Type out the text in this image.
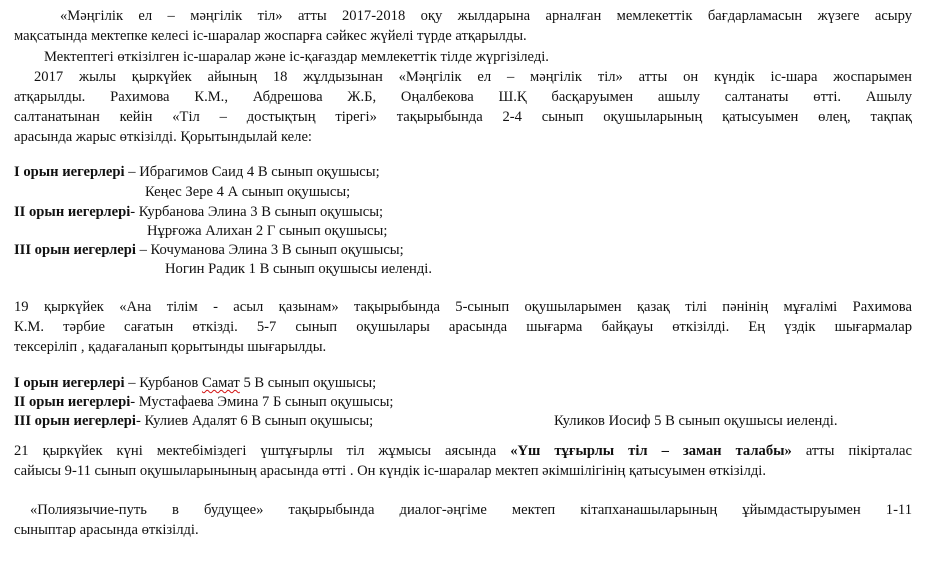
«Мәңгілік ел – мәңгілік тіл» атты 2017-2018 оқу жылдарына арналған мемлекеттік бағдарламасын жүзеге асыру

мақсатында мектепке келесі іс-шаралар жоспарға сәйкес жүйелі түрде атқарылды.

Мектептегі өткізілген іс-шаралар және іс-қағаздар мемлекеттік тілде жүргізіледі.

2017 жылы қыркүйек айының 18 жұлдызынан «Мәңгілік ел – мәңгілік тіл» атты он күндік іс-шара жоспарымен

атқарылды. Рахимова К.М., Абдрешова Ж.Б, Оңалбекова Ш.Қ басқаруымен ашылу салтанаты өтті. Ашылу

салтанатынан кейін «Тіл – достықтың тірегі» тақырыбында 2-4 сынып оқушыларының қатысуымен өлең, тақпақ

арасында жарыс өткізілді. Қорытындылай келе:

І орын иегерлері – Ибрагимов Саид 4 В сынып оқушысы;

Кеңес Зере 4 А сынып оқушысы;

ІІ орын иегерлері- Курбанова Элина 3 В сынып оқушысы;

Нұрғожа Алихан 2 Г сынып оқушысы;

ІІІ орын иегерлері – Кочуманова Элина 3 В сынып оқушысы;

Ногин Радик 1 В сынып оқушысы иеленді.

19 қыркүйек «Ана тілім - асыл қазынам» тақырыбында 5-сынып оқушыларымен қазақ тілі пәнінің мұғалімі Рахимова

К.М. тәрбие сағатын өткізді. 5-7 сынып оқушылары арасында шығарма байқауы өткізілді. Ең үздік шығармалар

тексеріліп , қадағаланып қорытынды шығарылды.

І орын иегерлері – Курбанов Самат 5 В сынып оқушысы;

ІІ орын иегерлері- Мустафаева Эмина 7 Б сынып оқушысы;

ІІІ орын иегерлері- Кулиев Адалят 6 В сынып оқушысы;	Куликов Иосиф 5 В сынып оқушысы иеленді.

21 қыркүйек күні мектебіміздегі үштұғырлы тіл жұмысы аясында «Үш тұғырлы тіл – заман талабы» атты пікірталас

сайысы 9-11 сынып оқушыларынының арасында өтті . Он күндік іс-шаралар мектеп әкімшілігінің қатысуымен өткізілді.

«Полиязычие-путь в будущее» тақырыбында диалог-әңгіме мектеп кітапханашыларының ұйымдастыруымен 1-11

сыныптар арасында өткізілді.
